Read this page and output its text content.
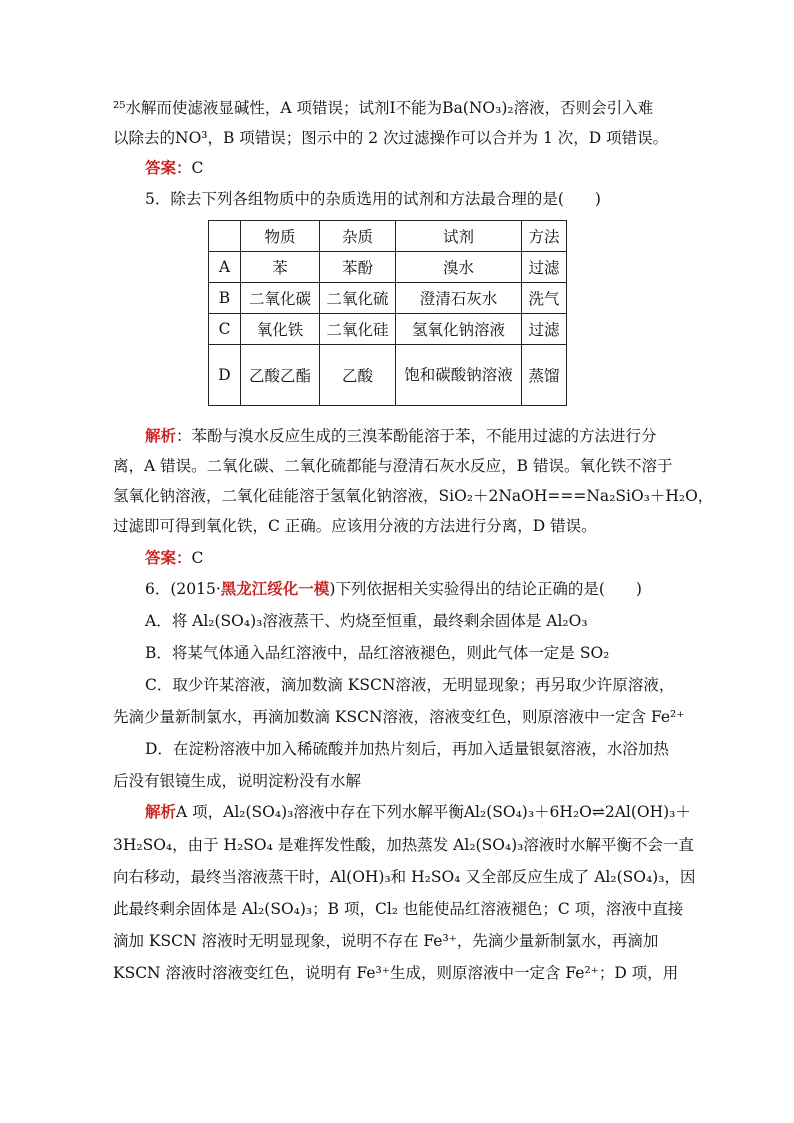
²⁵水解而使滤液显碱性，A 项错误；试剂Ⅰ不能为Ba(NO₃)₂溶液，否则会引入难
以除去的NO³，B 项错误；图示中的 2 次过滤操作可以合并为 1 次，D 项错误。
答案：C
5．除去下列各组物质中的杂质选用的试剂和方法最合理的是(　　)
	物质	杂质	试剂	方法
A	苯	苯酚	溴水	过滤
B	二氧化碳	二氧化硫	澄清石灰水	洗气
C	氧化铁	二氧化硅	氢氧化钠溶液	过滤
D	乙酸乙酯	乙酸	饱和碳酸钠溶液	蒸馏
解析：苯酚与溴水反应生成的三溴苯酚能溶于苯，不能用过滤的方法进行分
离，A 错误。二氧化碳、二氧化硫都能与澄清石灰水反应，B 错误。氧化铁不溶于
氢氧化钠溶液，二氧化硅能溶于氢氧化钠溶液，SiO₂＋2NaOH===Na₂SiO₃＋H₂O，
过滤即可得到氧化铁，C 正确。应该用分液的方法进行分离，D 错误。
答案：C
6．(2015·黑龙江绥化一模)下列依据相关实验得出的结论正确的是(　　)
A．将 Al₂(SO₄)₃溶液蒸干、灼烧至恒重，最终剩余固体是 Al₂O₃
B．将某气体通入品红溶液中，品红溶液褪色，则此气体一定是 SO₂
C．取少许某溶液，滴加数滴 KSCN溶液，无明显现象；再另取少许原溶液，
先滴少量新制氯水，再滴加数滴 KSCN溶液，溶液变红色，则原溶液中一定含 Fe²⁺
D．在淀粉溶液中加入稀硫酸并加热片刻后，再加入适量银氨溶液，水浴加热
后没有银镜生成，说明淀粉没有水解
解析A 项，Al₂(SO₄)₃溶液中存在下列水解平衡Al₂(SO₄)₃＋6H₂O⇌2Al(OH)₃＋
3H₂SO₄，由于 H₂SO₄ 是难挥发性酸，加热蒸发 Al₂(SO₄)₃溶液时水解平衡不会一直
向右移动，最终当溶液蒸干时，Al(OH)₃和 H₂SO₄ 又全部反应生成了 Al₂(SO₄)₃，因
此最终剩余固体是 Al₂(SO₄)₃；B 项，Cl₂ 也能使品红溶液褪色；C 项，溶液中直接
滴加 KSCN 溶液时无明显现象，说明不存在 Fe³⁺，先滴少量新制氯水，再滴加
KSCN 溶液时溶液变红色，说明有 Fe³⁺生成，则原溶液中一定含 Fe²⁺；D 项，用
